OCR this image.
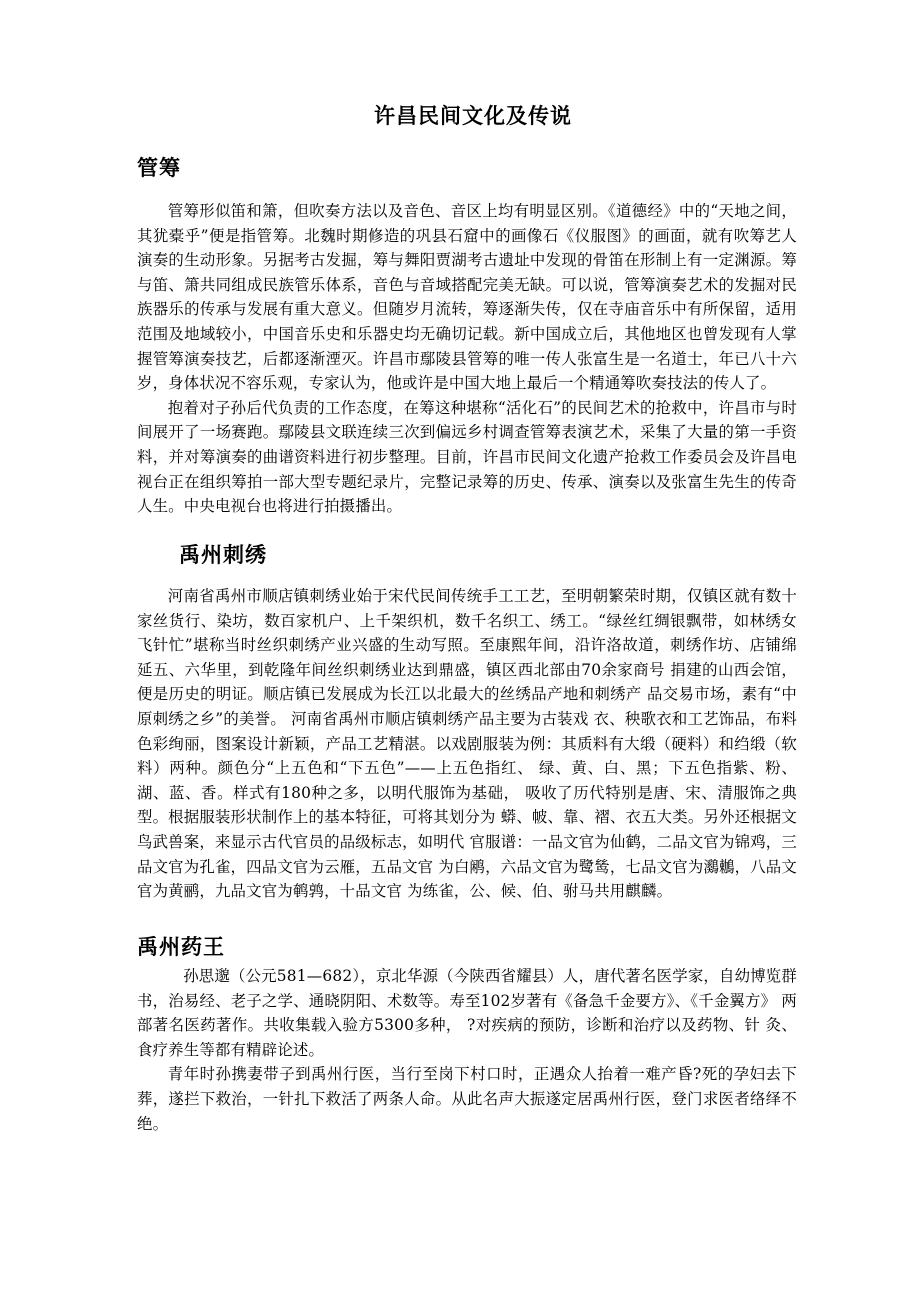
许昌民间文化及传说
管筹

管筹形似笛和箫，但吹奏方法以及音色、音区上均有明显区别。《道德经》中的“天地之间，其犹橐乎”便是指管筹。北魏时期修造的巩县石窟中的画像石《仪服图》的画面，就有吹筹艺人演奏的生动形象。另据考古发掘，筹与舞阳贾湖考古遗址中发现的骨笛在形制上有一定渊源。筹与笛、箫共同组成民族管乐体系，音色与音域搭配完美无缺。可以说，管筹演奏艺术的发掘对民族器乐的传承与发展有重大意义。但随岁月流转，筹逐渐失传，仅在寺庙音乐中有所保留，适用范围及地域较小，中国音乐史和乐器史均无确切记载。新中国成立后，其他地区也曾发现有人掌握管筹演奏技艺，后都逐渐湮灭。许昌市鄢陵县管筹的唯一传人张富生是一名道士，年已八十六岁，身体状况不容乐观，专家认为，他或许是中国大地上最后一个精通筹吹奏技法的传人了。

抱着对子孙后代负责的工作态度，在筹这种堪称“活化石”的民间艺术的抢救中，许昌市与时间展开了一场赛跑。鄢陵县文联连续三次到偏远乡村调查管筹表演艺术，采集了大量的第一手资料，并对筹演奏的曲谱资料进行初步整理。目前，许昌市民间文化遗产抢救工作委员会及许昌电视台正在组织筹拍一部大型专题纪录片，完整记录筹的历史、传承、演奏以及张富生先生的传奇人生。中央电视台也将进行拍摄播出。

禹州刺绣

河南省禹州市顺店镇刺绣业始于宋代民间传统手工工艺，至明朝繁荣时期，仅镇区就有数十家丝货行、染坊，数百家机户、上千架织机，数千名织工、绣工。“绿丝红绸银飘带，如林绣女飞针忙”堪称当时丝织刺绣产业兴盛的生动写照。至康熙年间，沿许洛故道，刺绣作坊、店铺绵延五、六华里，到乾隆年间丝织刺绣业达到鼎盛，镇区西北部由70余家商号 捐建的山西会馆，便是历史的明证。顺店镇已发展成为长江以北最大的丝绣品产地和刺绣产 品交易市场，素有“中原刺绣之乡”的美誉。 河南省禹州市顺店镇刺绣产品主要为古装戏 衣、秧歌衣和工艺饰品，布料色彩绚丽，图案设计新颖，产品工艺精湛。以戏剧服装为例：其质料有大缎（硬料）和绉缎（软料）两种。颜色分“上五色和“下五色”——上五色指红、 绿、黄、白、黑；下五色指紫、粉、湖、蓝、香。样式有180种之多，以明代服饰为基础， 吸收了历代特别是唐、宋、清服饰之典型。根据服装形状制作上的基本特征，可将其划分为 蟒、帔、靠、褶、衣五大类。另外还根据文鸟武兽案，来显示古代官员的品级标志，如明代 官服谱：一品文官为仙鹤，二品文官为锦鸡，三品文官为孔雀，四品文官为云雁，五品文官 为白鹇，六品文官为鹭鸶，七品文官为鸂鶒，八品文官为黄鹂，九品文官为鹌鹑，十品文官 为练雀，公、候、伯、驸马共用麒麟。

禹州药王

孙思邈（公元581—682），京北华源（今陕西省耀县）人，唐代著名医学家，自幼博览群 书，治易经、老子之学、通晓阴阳、术数等。寿至102岁著有《备急千金要方》、《千金翼方》 两部著名医药著作。共收集载入验方5300多种， ?对疾病的预防，诊断和治疗以及药物、针 灸、食疗养生等都有精辟论述。

青年时孙携妻带子到禹州行医，当行至岗下村口时，正遇众人抬着一难产昏?死的孕妇去下葬，遂拦下救治，一针扎下救活了两条人命。从此名声大振遂定居禹州行医，登门求医者络绎不绝。
